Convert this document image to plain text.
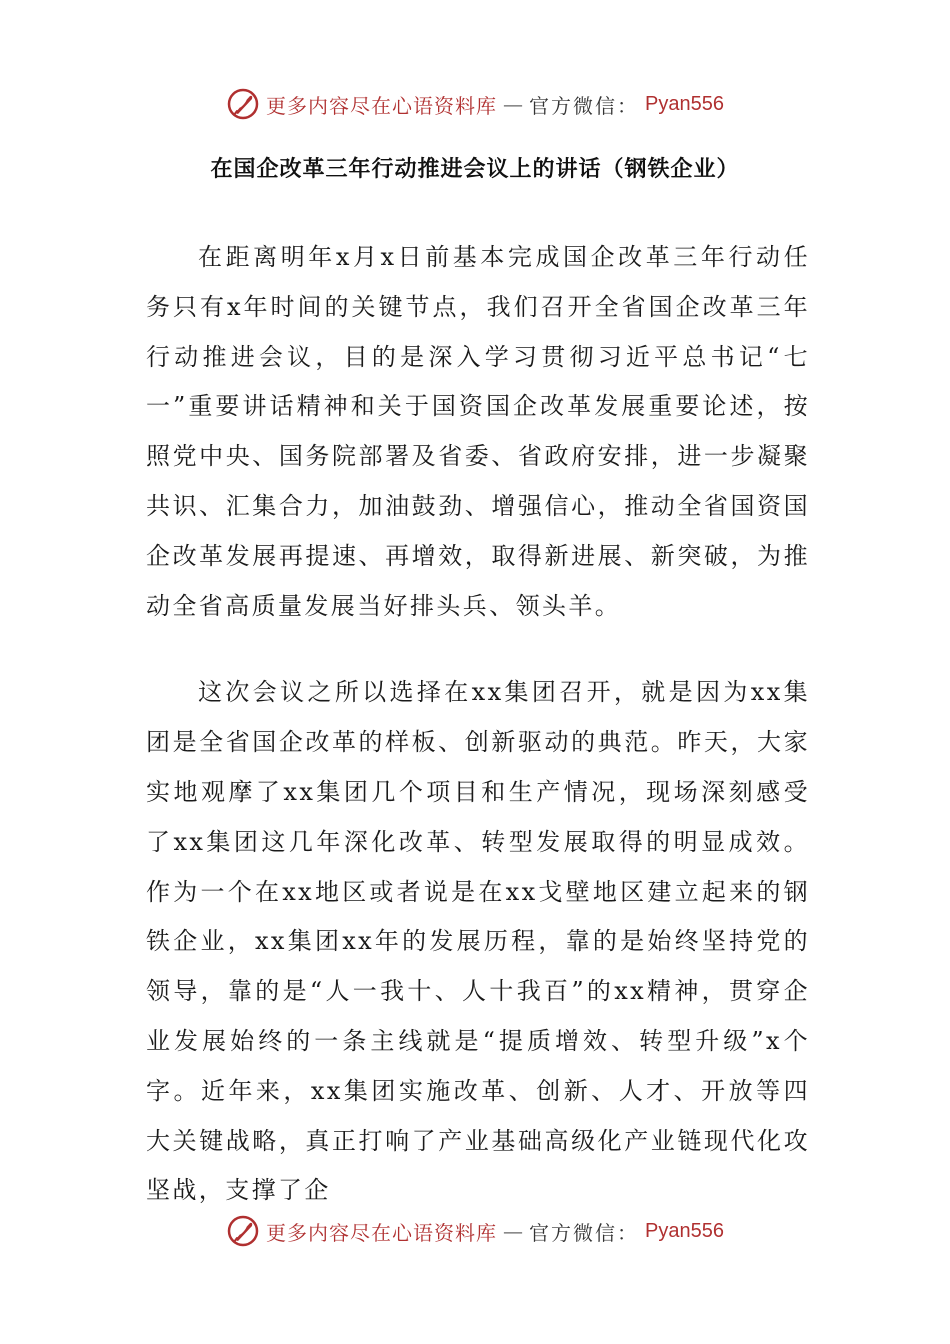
更多内容尽在心语资料库 — 官方微信： Pyan556
在国企改革三年行动推进会议上的讲话（钢铁企业）

在距离明年x月x日前基本完成国企改革三年行动任务只有x年时间的关键节点，我们召开全省国企改革三年行动推进会议，目的是深入学习贯彻习近平总书记“七一”重要讲话精神和关于国资国企改革发展重要论述，按照党中央、国务院部署及省委、省政府安排，进一步凝聚共识、汇集合力，加油鼓劲、增强信心，推动全省国资国企改革发展再提速、再增效，取得新进展、新突破，为推动全省高质量发展当好排头兵、领头羊。

这次会议之所以选择在xx集团召开，就是因为xx集团是全省国企改革的样板、创新驱动的典范。昨天，大家实地观摩了xx集团几个项目和生产情况，现场深刻感受了xx集团这几年深化改革、转型发展取得的明显成效。作为一个在xx地区或者说是在xx戈壁地区建立起来的钢铁企业，xx集团xx年的发展历程，靠的是始终坚持党的领导，靠的是“人一我十、人十我百”的xx精神，贯穿企业发展始终的一条主线就是“提质增效、转型升级”x个字。近年来，xx集团实施改革、创新、人才、开放等四大关键战略，真正打响了产业基础高级化产业链现代化攻坚战，支撑了企

更多内容尽在心语资料库 — 官方微信： Pyan556
